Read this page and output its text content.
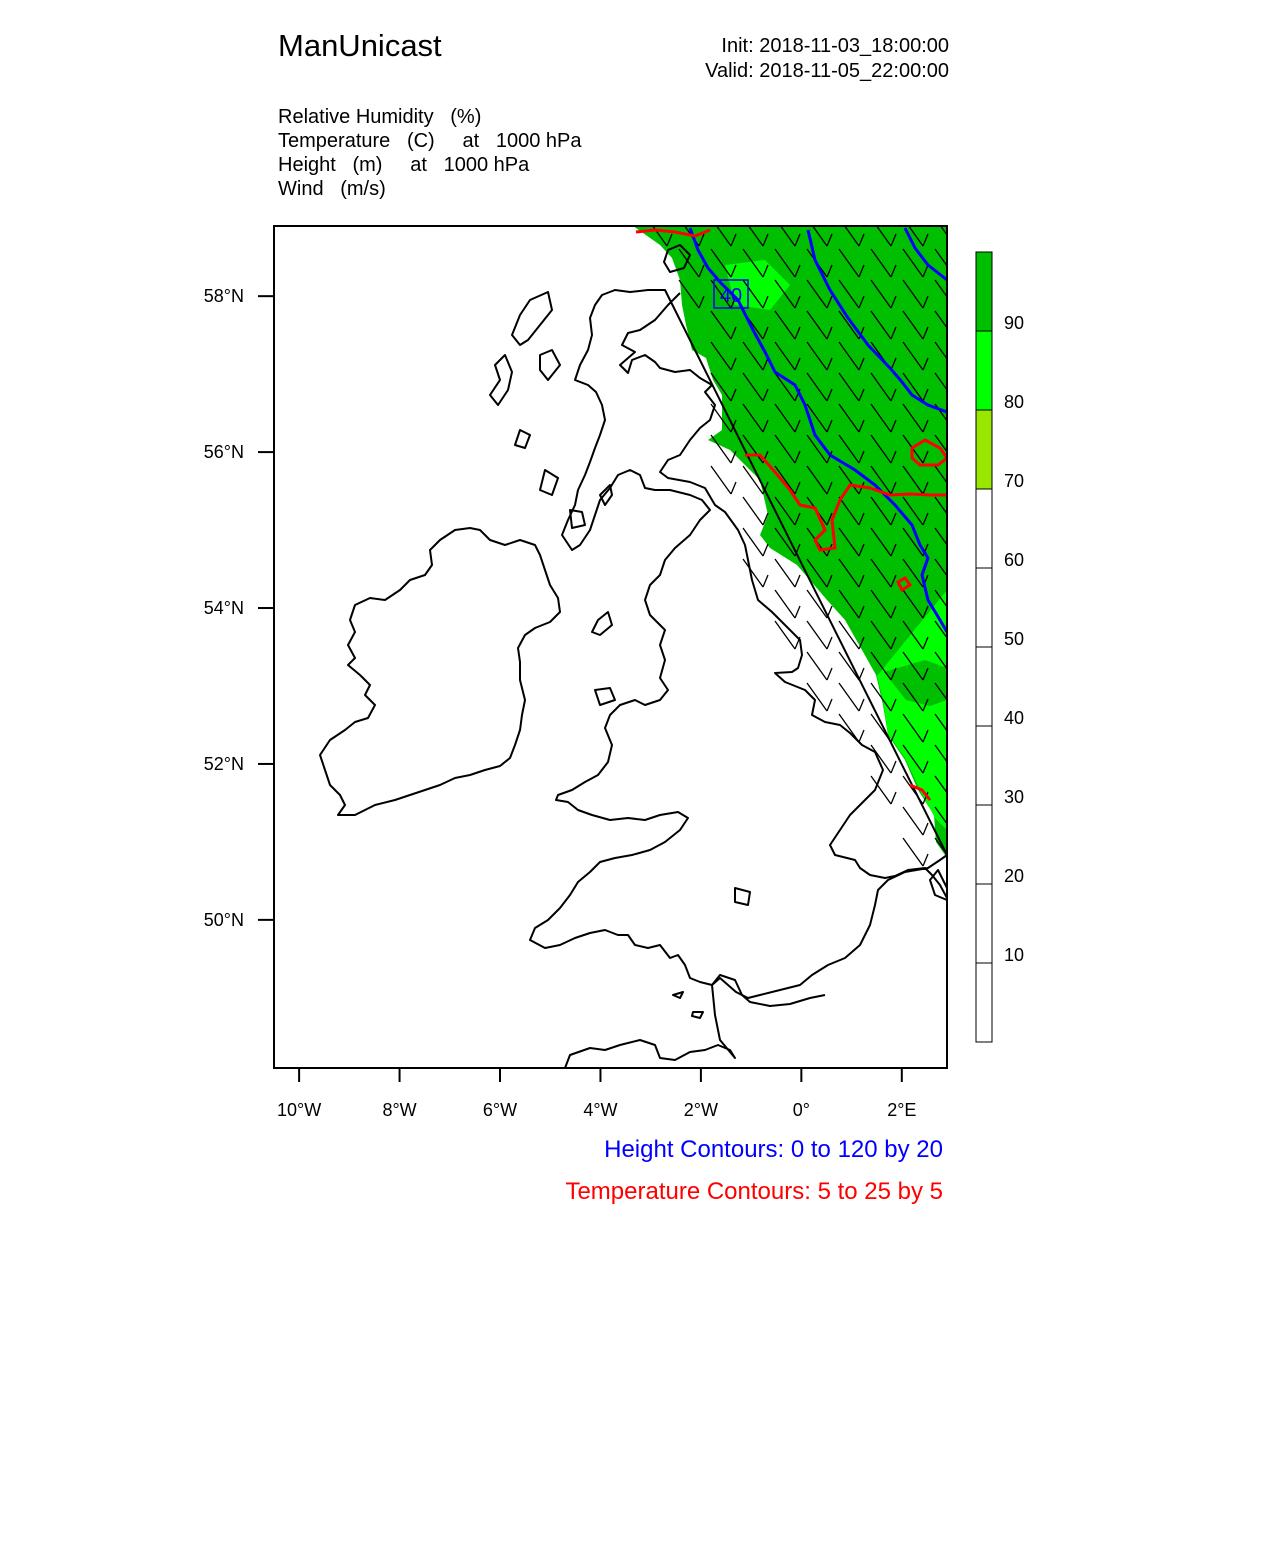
ManUnicast	Init: 2018-11-03_18:00:00
Valid: 2018-11-05_22:00:00
Relative Humidity   (%)
Temperature   (C)     at   1000 hPa
Height   (m)     at   1000 hPa
Wind   (m/s)
40
10°W	8°W	6°W	4°W	2°W	0°	2°E
58°N
56°N
54°N
52°N
50°N
90
80
70
60
50
40
30
20
10
Height Contours: 0 to 120 by 20
Temperature Contours: 5 to 25 by 5
